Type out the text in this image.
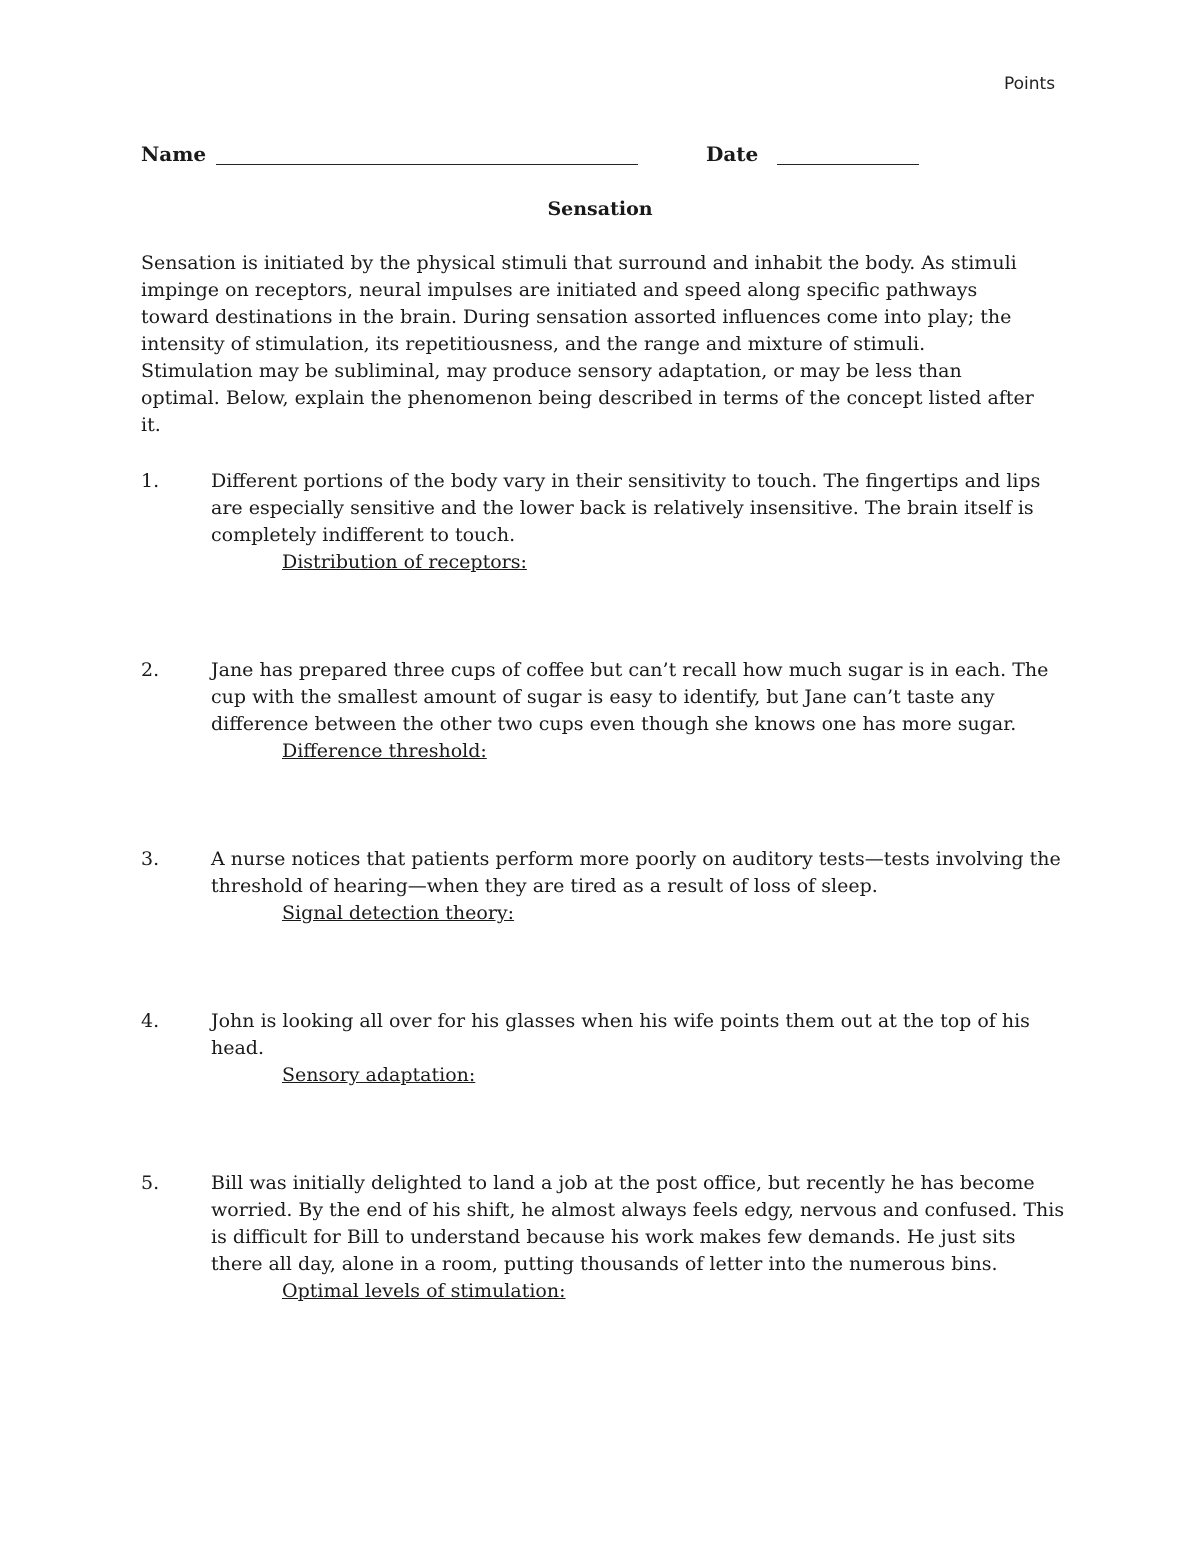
Points
Name	Date
Sensation

Sensation is initiated by the physical stimuli that surround and inhabit the body. As stimuli impinge on receptors, neural impulses are initiated and speed along specific pathways toward destinations in the brain. During sensation assorted influences come into play; the intensity of stimulation, its repetitiousness, and the range and mixture of stimuli. Stimulation may be subliminal, may produce sensory adaptation, or may be less than optimal. Below, explain the phenomenon being described in terms of the concept listed after it.

1.	Different portions of the body vary in their sensitivity to touch. The fingertips and lips are especially sensitive and the lower back is relatively insensitive. The brain itself is completely indifferent to touch.
Distribution of receptors:
2.	Jane has prepared three cups of coffee but can’t recall how much sugar is in each. The cup with the smallest amount of sugar is easy to identify, but Jane can’t taste any difference between the other two cups even though she knows one has more sugar.
Difference threshold:
3.	A nurse notices that patients perform more poorly on auditory tests—tests involving the threshold of hearing—when they are tired as a result of loss of sleep.
Signal detection theory:
4.	John is looking all over for his glasses when his wife points them out at the top of his head.
Sensory adaptation:
5.	Bill was initially delighted to land a job at the post office, but recently he has become worried. By the end of his shift, he almost always feels edgy, nervous and confused. This is difficult for Bill to understand because his work makes few demands. He just sits there all day, alone in a room, putting thousands of letter into the numerous bins.
Optimal levels of stimulation:
